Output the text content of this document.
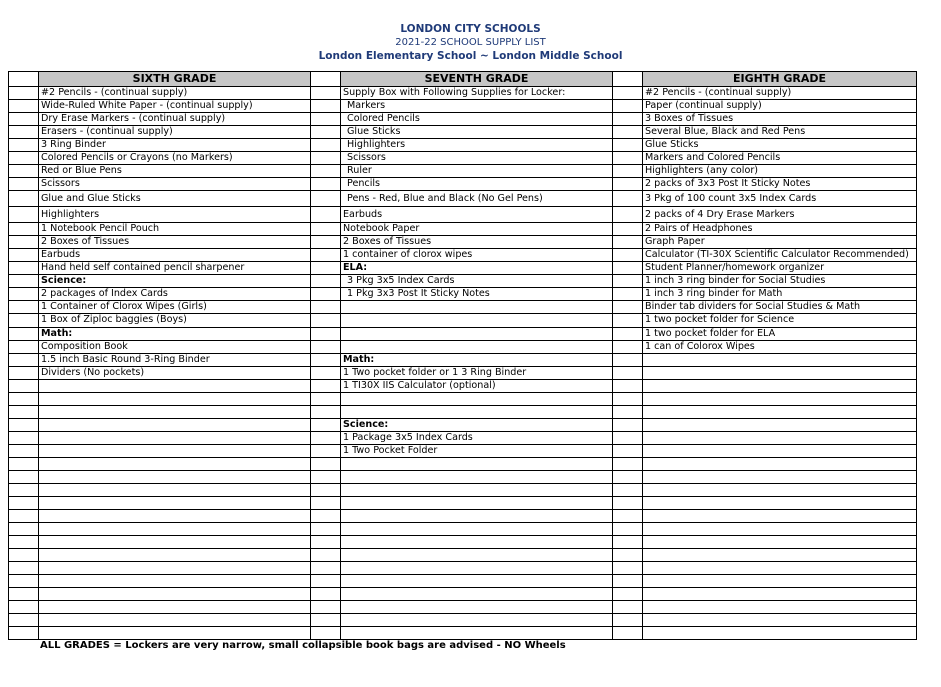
LONDON CITY SCHOOLS
2021-22 SCHOOL SUPPLY LIST
London Elementary School ~ London Middle School
	SIXTH GRADE		SEVENTH GRADE		EIGHTH GRADE
	#2 Pencils - (continual supply)		Supply Box with Following Supplies for Locker:		#2 Pencils - (continual supply)
	Wide-Ruled White Paper - (continual supply)		Markers		Paper (continual supply)
	Dry Erase Markers - (continual supply)		Colored Pencils		3 Boxes of Tissues
	Erasers - (continual supply)		Glue Sticks		Several Blue, Black and Red Pens
	3 Ring Binder		Highlighters		Glue Sticks
	Colored Pencils or Crayons (no Markers)		Scissors		Markers and Colored Pencils
	Red or Blue Pens		Ruler		Highlighters (any color)
	Scissors		Pencils		2 packs of 3x3 Post It Sticky Notes
	Glue and Glue Sticks		Pens - Red, Blue and Black (No Gel Pens)		3 Pkg of 100 count 3x5 Index Cards
	Highlighters		Earbuds		2 packs of 4 Dry Erase Markers
	1 Notebook Pencil Pouch		Notebook Paper		2 Pairs of Headphones
	2 Boxes of Tissues		2 Boxes of Tissues		Graph Paper
	Earbuds		1 container of clorox wipes		Calculator (TI-30X Scientific Calculator Recommended)
	Hand held self contained pencil sharpener		ELA:		Student Planner/homework organizer
	Science:		3 Pkg 3x5 Index Cards		1 inch 3 ring binder for Social Studies
	2 packages of Index Cards		1 Pkg 3x3 Post It Sticky Notes		1 inch 3 ring binder for Math
	1 Container of Clorox Wipes (Girls)				Binder tab dividers for Social Studies & Math
	1 Box of Ziploc baggies (Boys)				1 two pocket folder for Science
	Math:				1 two pocket folder for ELA
	Composition Book				1 can of Colorox Wipes
	1.5 inch Basic Round 3-Ring Binder		Math:		
	Dividers (No pockets)		1 Two pocket folder or 1 3 Ring Binder		
			1 TI30X IIS Calculator (optional)		

			Science:		
			1 Package 3x5 Index Cards		
			1 Two Pocket Folder		

ALL GRADES = Lockers are very narrow, small collapsible book bags are advised - NO Wheels
